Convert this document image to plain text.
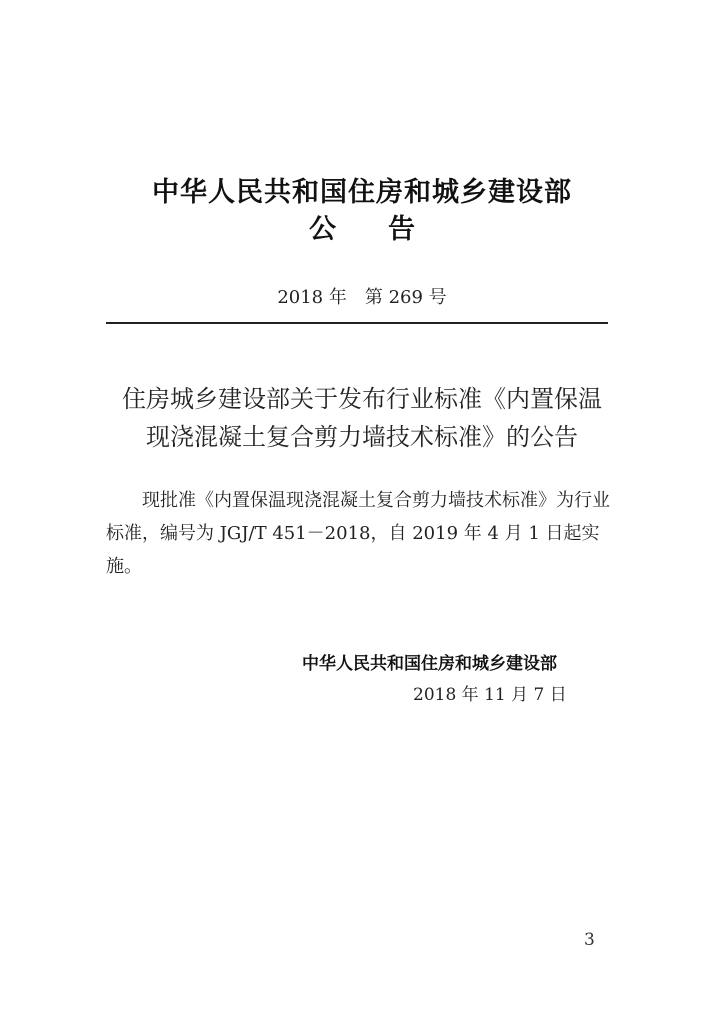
中华人民共和国住房和城乡建设部
公 告
2018 年 第 269 号
住房城乡建设部关于发布行业标准《内置保温
现浇混凝土复合剪力墙技术标准》的公告
现批准《内置保温现浇混凝土复合剪力墙技术标准》为行业标准，编号为 JGJ/T 451－2018，自 2019 年 4 月 1 日起实施。
中华人民共和国住房和城乡建设部
2018 年 11 月 7 日
3
